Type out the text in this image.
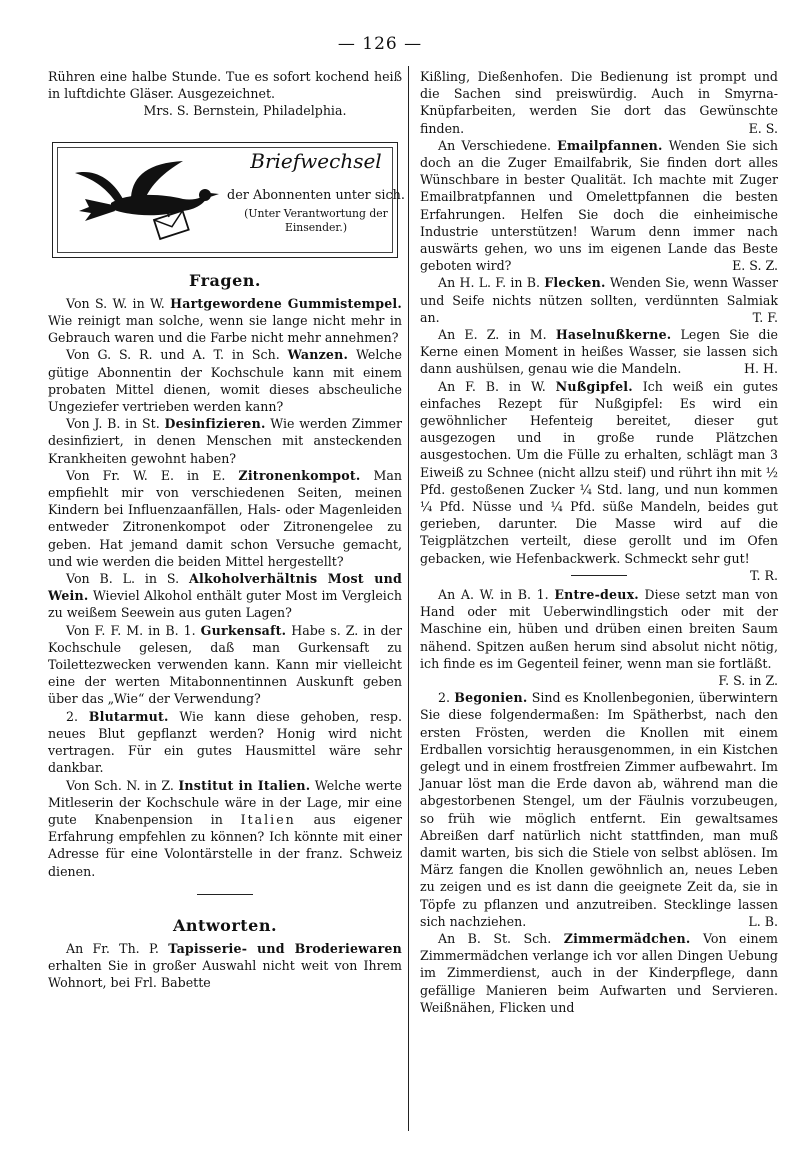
— 126 —

Rühren eine halbe Stunde. Tue es sofort kochend heiß in luftdichte Gläser. Ausgezeichnet.

Mrs. S. Bernstein, Philadelphia.

Briefwechsel
der Abonnenten unter sich.
(Unter Verantwortung der Einsender.)
Fragen.

Von S. W. in W. Hartgewordene Gummistempel. Wie reinigt man solche, wenn sie lange nicht mehr in Gebrauch waren und die Farbe nicht mehr annehmen?

Von G. S. R. und A. T. in Sch. Wanzen. Welche gütige Abonnentin der Kochschule kann mit einem probaten Mittel dienen, womit dieses abscheuliche Ungeziefer vertrieben werden kann?

Von J. B. in St. Desinfizieren. Wie werden Zimmer desinfiziert, in denen Menschen mit ansteckenden Krankheiten gewohnt haben?

Von Fr. W. E. in E. Zitronenkompot. Man empfiehlt mir von verschiedenen Seiten, meinen Kindern bei Influenzaanfällen, Hals- oder Magenleiden entweder Zitronenkompot oder Zitronengelee zu geben. Hat jemand damit schon Versuche gemacht, und wie werden die beiden Mittel hergestellt?

Von B. L. in S. Alkoholverhältnis Most und Wein. Wieviel Alkohol enthält guter Most im Vergleich zu weißem Seewein aus guten Lagen?

Von F. F. M. in B. 1. Gurkensaft. Habe s. Z. in der Kochschule gelesen, daß man Gurkensaft zu Toilettezwecken verwenden kann. Kann mir vielleicht eine der werten Mitabonnentinnen Auskunft geben über das „Wie“ der Verwendung?

2. Blutarmut. Wie kann diese gehoben, resp. neues Blut gepflanzt werden? Honig wird nicht vertragen. Für ein gutes Hausmittel wäre sehr dankbar.

Von Sch. N. in Z. Institut in Italien. Welche werte Mitleserin der Kochschule wäre in der Lage, mir eine gute Knabenpension in Italien aus eigener Erfahrung empfehlen zu können? Ich könnte mit einer Adresse für eine Volontärstelle in der franz. Schweiz dienen.

Antworten.

An Fr. Th. P. Tapisserie- und Broderiewaren erhalten Sie in großer Auswahl nicht weit von Ihrem Wohnort, bei Frl. Babette

Kißling, Dießenhofen. Die Bedienung ist prompt und die Sachen sind preiswürdig. Auch in Smyrna-Knüpfarbeiten, werden Sie dort das Gewünschte finden.	E. S.

An Verschiedene. Emailpfannen. Wenden Sie sich doch an die Zuger Emailfabrik, Sie finden dort alles Wünschbare in bester Qualität. Ich machte mit Zuger Emailbratpfannen und Omelettpfannen die besten Erfahrungen. Helfen Sie doch die einheimische Industrie unterstützen! Warum denn immer nach auswärts gehen, wo uns im eigenen Lande das Beste geboten wird?	E. S. Z.

An H. L. F. in B. Flecken. Wenden Sie, wenn Wasser und Seife nichts nützen sollten, verdünnten Salmiak an.	T. F.

An E. Z. in M. Haselnußkerne. Legen Sie die Kerne einen Moment in heißes Wasser, sie lassen sich dann aushülsen, genau wie die Mandeln.	H. H.

An F. B. in W. Nußgipfel. Ich weiß ein gutes einfaches Rezept für Nußgipfel: Es wird ein gewöhnlicher Hefenteig bereitet, dieser gut ausgezogen und in große runde Plätzchen ausgestochen. Um die Fülle zu erhalten, schlägt man 3 Eiweiß zu Schnee (nicht allzu steif) und rührt ihn mit ½ Pfd. gestoßenen Zucker ¼ Std. lang, und nun kommen ¼ Pfd. Nüsse und ¼ Pfd. süße Mandeln, beides gut gerieben, darunter. Die Masse wird auf die Teigplätzchen verteilt, diese gerollt und im Ofen gebacken, wie Hefenbackwerk. Schmeckt sehr gut!
T. R.

An A. W. in B. 1. Entre-deux. Diese setzt man von Hand oder mit Ueberwindlingstich oder mit der Maschine ein, hüben und drüben einen breiten Saum nähend. Spitzen außen herum sind absolut nicht nötig, ich finde es im Gegenteil feiner, wenn man sie fortläßt.

F. S. in Z.

2. Begonien. Sind es Knollenbegonien, überwintern Sie diese folgendermaßen: Im Spätherbst, nach den ersten Frösten, werden die Knollen mit einem Erdballen vorsichtig herausgenommen, in ein Kistchen gelegt und in einem frostfreien Zimmer aufbewahrt. Im Januar löst man die Erde davon ab, während man die abgestorbenen Stengel, um der Fäulnis vorzubeugen, so früh wie möglich entfernt. Ein gewaltsames Abreißen darf natürlich nicht stattfinden, man muß damit warten, bis sich die Stiele von selbst ablösen. Im März fangen die Knollen gewöhnlich an, neues Leben zu zeigen und es ist dann die geeignete Zeit da, sie in Töpfe zu pflanzen und anzutreiben. Stecklinge lassen sich nachziehen.	L. B.

An B. St. Sch. Zimmermädchen. Von einem Zimmermädchen verlange ich vor allen Dingen Uebung im Zimmerdienst, auch in der Kinderpflege, dann gefällige Manieren beim Aufwarten und Servieren. Weißnähen, Flicken und
